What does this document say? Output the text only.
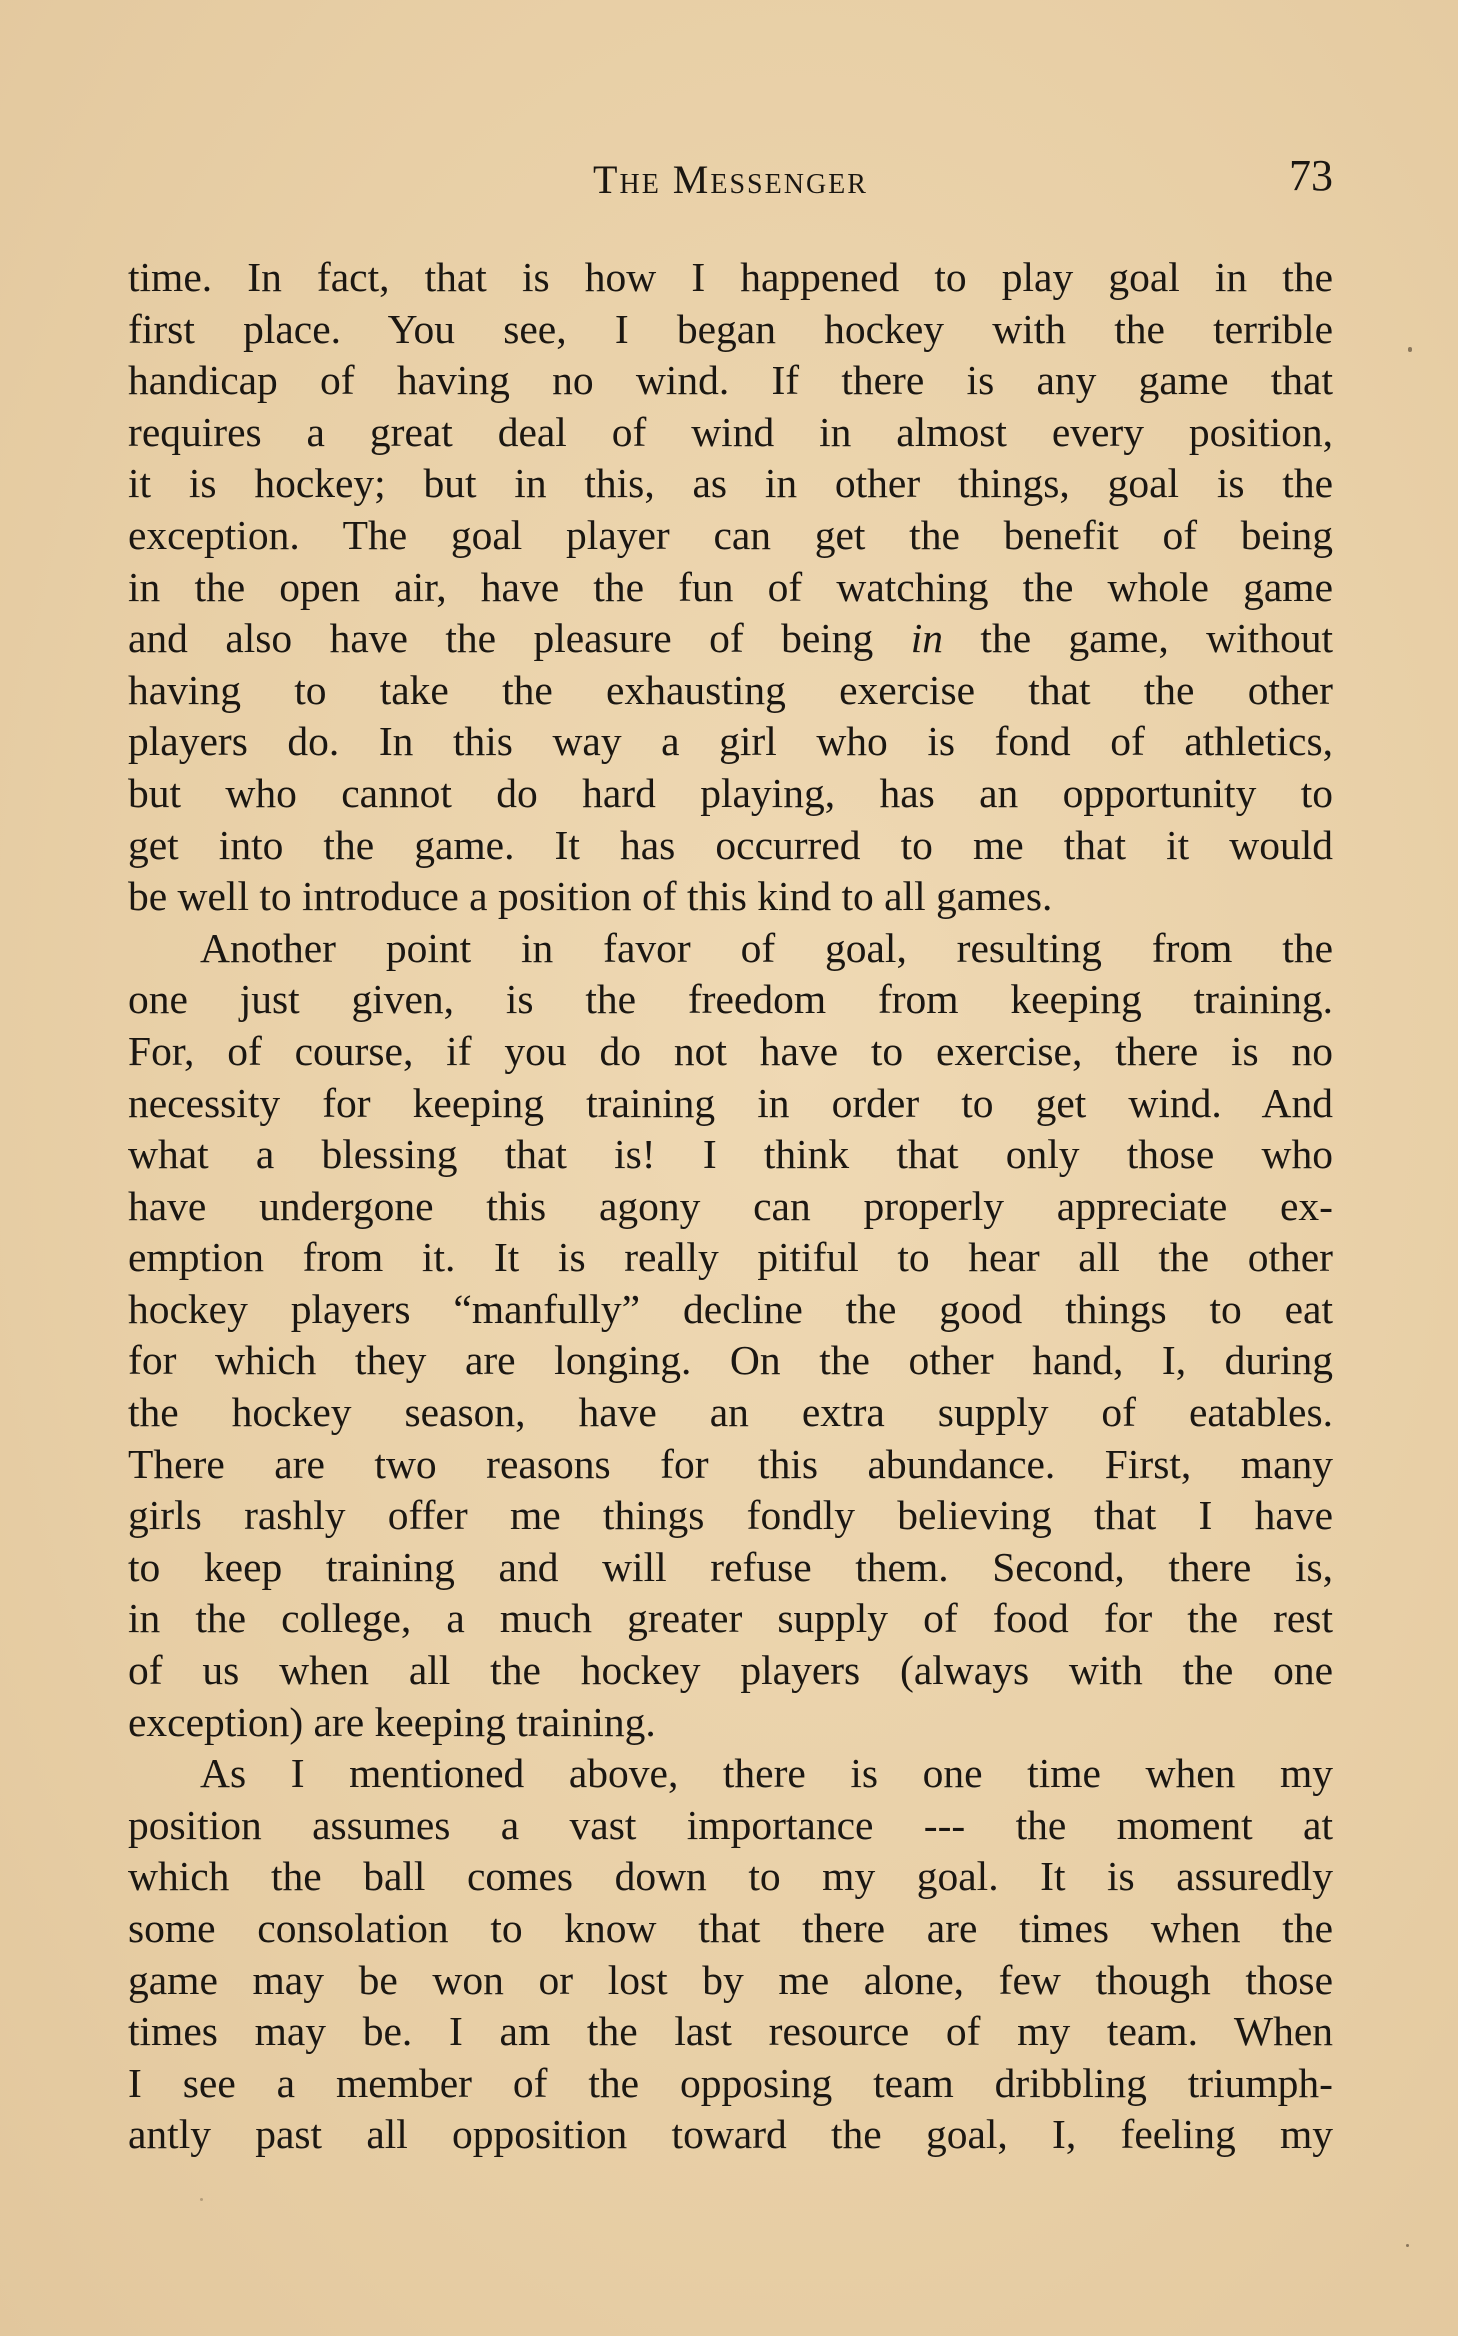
The Messenger	73
time. In fact, that is how I happened to play goal in the
first place. You see, I began hockey with the terrible
handicap of having no wind. If there is any game that
requires a great deal of wind in almost every position,
it is hockey; but in this, as in other things, goal is the
exception. The goal player can get the benefit of being
in the open air, have the fun of watching the whole game
and also have the pleasure of being in the game, without
having to take the exhausting exercise that the other
players do. In this way a girl who is fond of athletics,
but who cannot do hard playing, has an opportunity to
get into the game. It has occurred to me that it would
be well to introduce a position of this kind to all games.
Another point in favor of goal, resulting from the
one just given, is the freedom from keeping training.
For, of course, if you do not have to exercise, there is no
necessity for keeping training in order to get wind. And
what a blessing that is! I think that only those who
have undergone this agony can properly appreciate ex-
emption from it. It is really pitiful to hear all the other
hockey players “manfully” decline the good things to eat
for which they are longing. On the other hand, I, during
the hockey season, have an extra supply of eatables.
There are two reasons for this abundance. First, many
girls rashly offer me things fondly believing that I have
to keep training and will refuse them. Second, there is,
in the college, a much greater supply of food for the rest
of us when all the hockey players (always with the one
exception) are keeping training.
As I mentioned above, there is one time when my
position assumes a vast importance --- the moment at
which the ball comes down to my goal. It is assuredly
some consolation to know that there are times when the
game may be won or lost by me alone, few though those
times may be. I am the last resource of my team. When
I see a member of the opposing team dribbling triumph-
antly past all opposition toward the goal, I, feeling my
